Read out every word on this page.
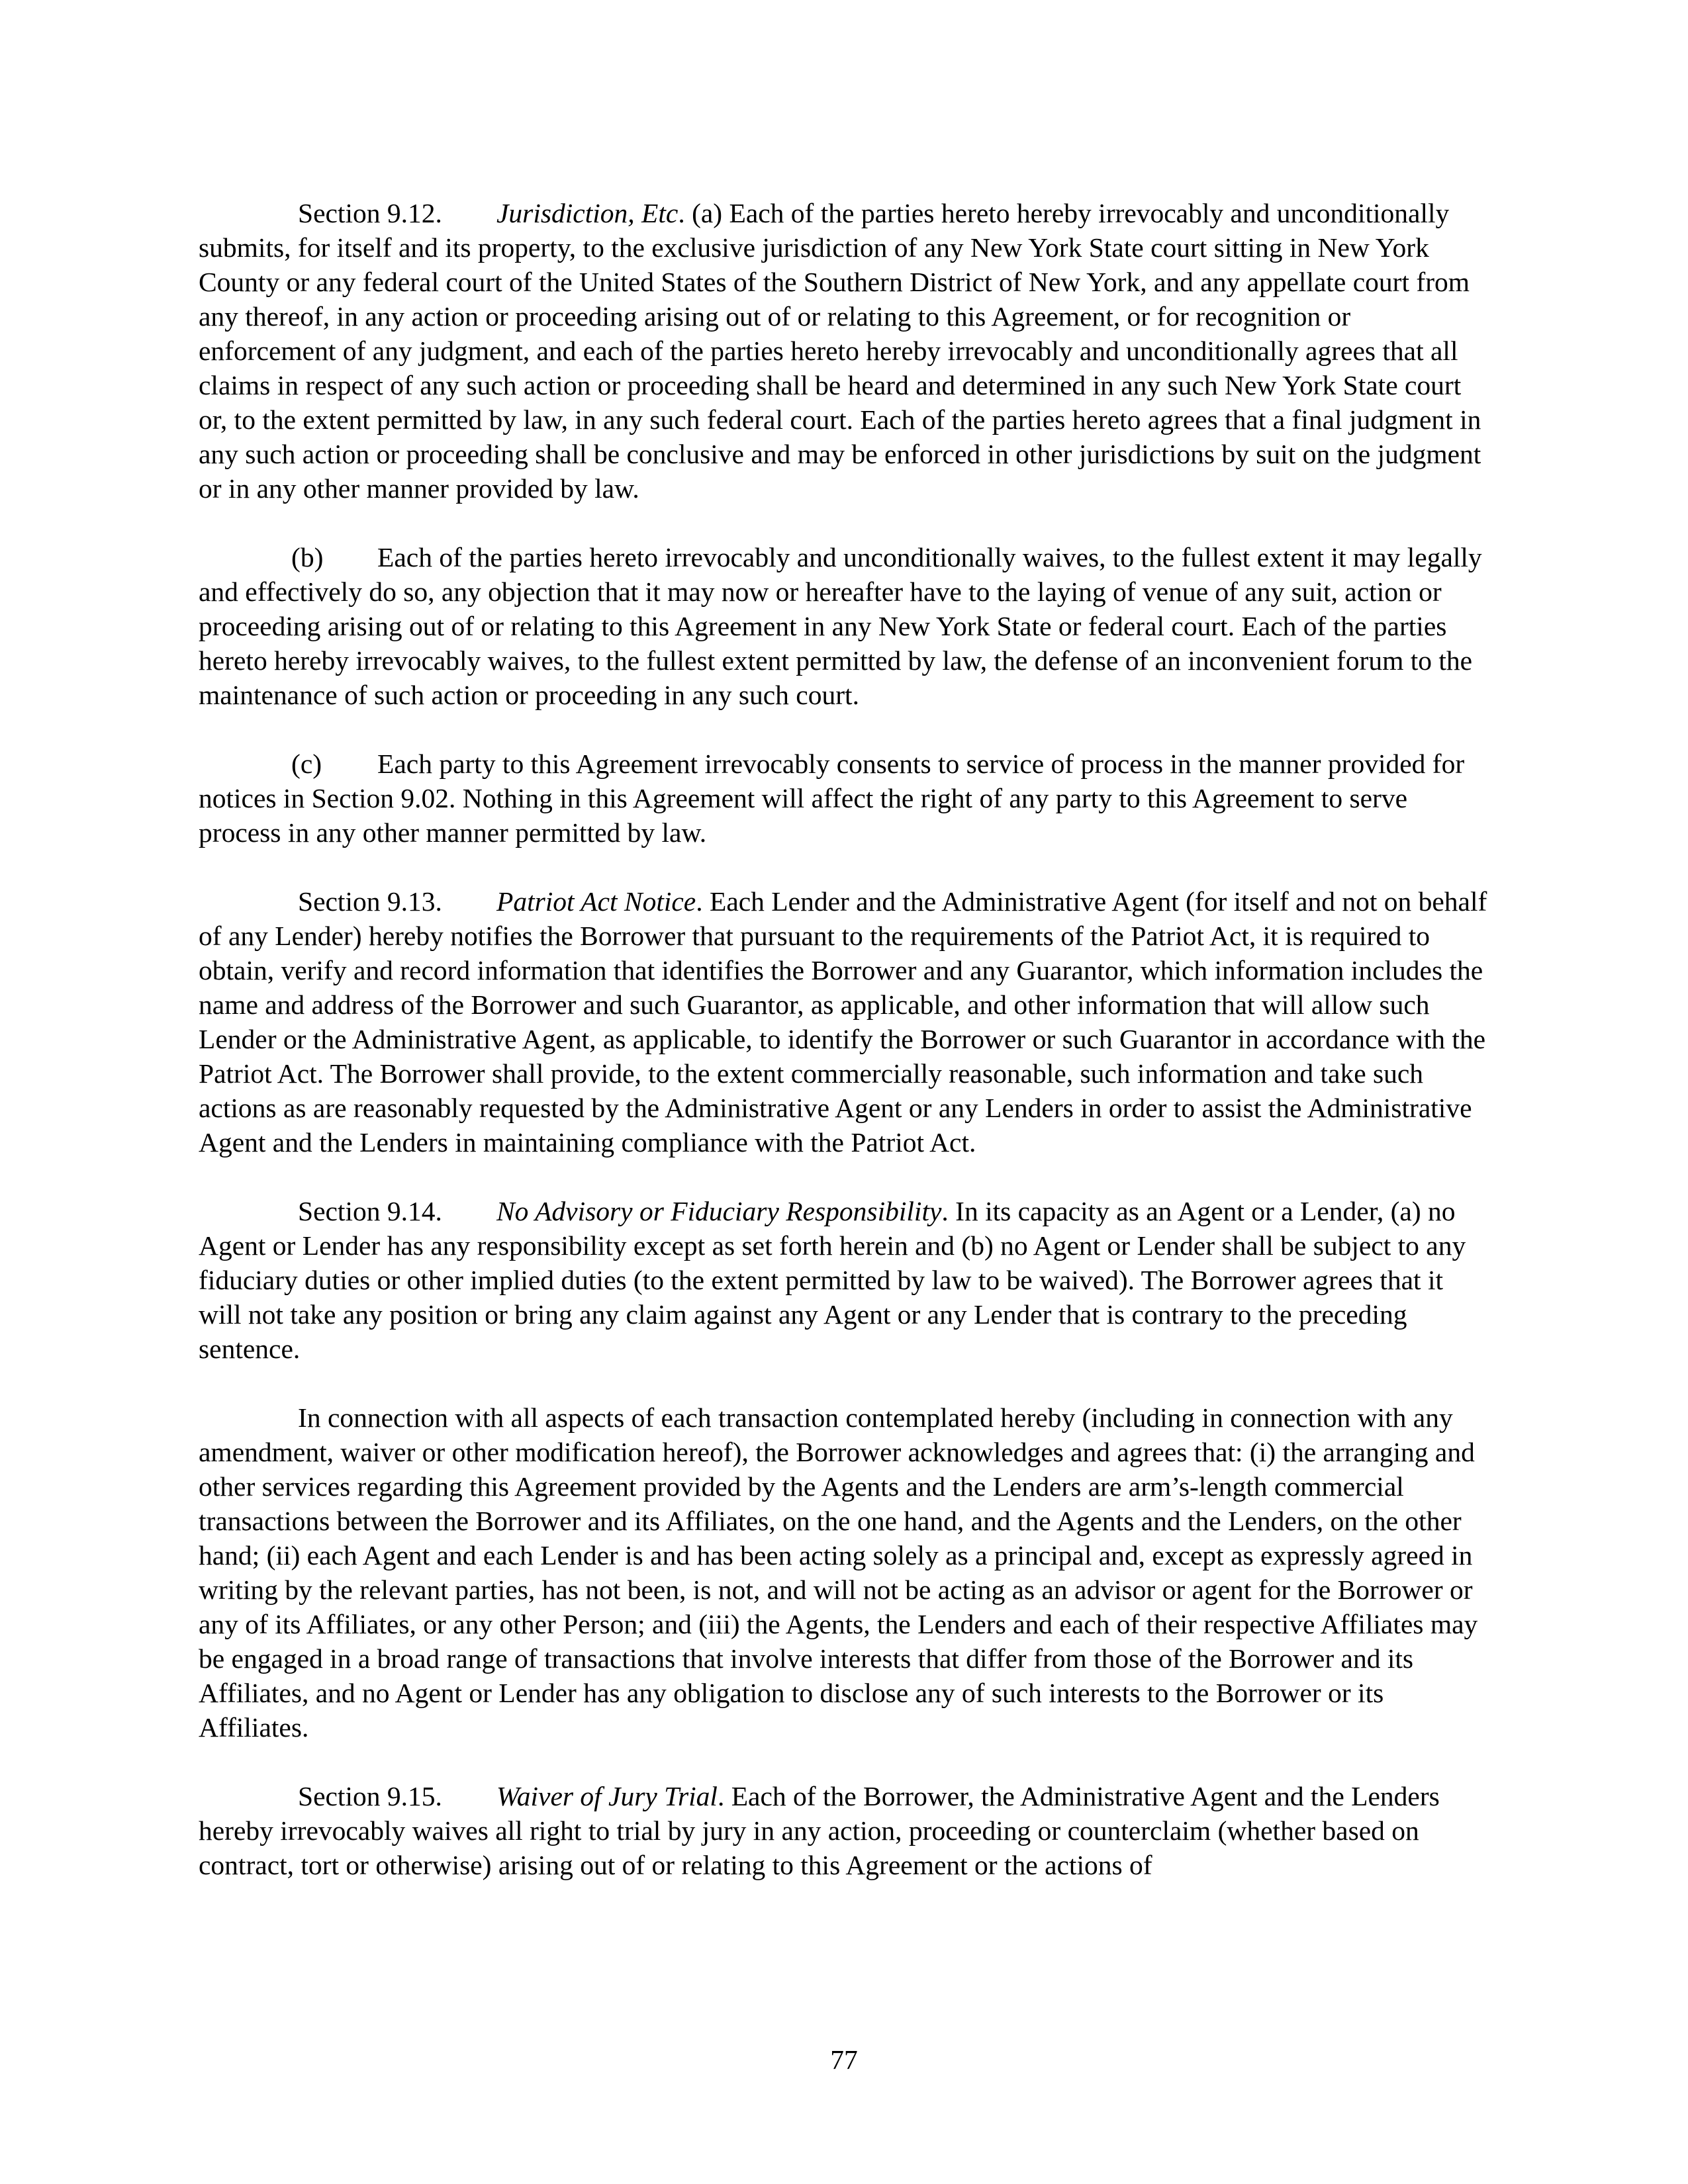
Section 9.12. Jurisdiction, Etc. (a) Each of the parties hereto hereby irrevocably and unconditionally submits, for itself and its property, to the exclusive jurisdiction of any New York State court sitting in New York County or any federal court of the United States of the Southern District of New York, and any appellate court from any thereof, in any action or proceeding arising out of or relating to this Agreement, or for recognition or enforcement of any judgment, and each of the parties hereto hereby irrevocably and unconditionally agrees that all claims in respect of any such action or proceeding shall be heard and determined in any such New York State court or, to the extent permitted by law, in any such federal court. Each of the parties hereto agrees that a final judgment in any such action or proceeding shall be conclusive and may be enforced in other jurisdictions by suit on the judgment or in any other manner provided by law.

(b) Each of the parties hereto irrevocably and unconditionally waives, to the fullest extent it may legally and effectively do so, any objection that it may now or hereafter have to the laying of venue of any suit, action or proceeding arising out of or relating to this Agreement in any New York State or federal court. Each of the parties hereto hereby irrevocably waives, to the fullest extent permitted by law, the defense of an inconvenient forum to the maintenance of such action or proceeding in any such court.

(c) Each party to this Agreement irrevocably consents to service of process in the manner provided for notices in Section 9.02. Nothing in this Agreement will affect the right of any party to this Agreement to serve process in any other manner permitted by law.

Section 9.13. Patriot Act Notice. Each Lender and the Administrative Agent (for itself and not on behalf of any Lender) hereby notifies the Borrower that pursuant to the requirements of the Patriot Act, it is required to obtain, verify and record information that identifies the Borrower and any Guarantor, which information includes the name and address of the Borrower and such Guarantor, as applicable, and other information that will allow such Lender or the Administrative Agent, as applicable, to identify the Borrower or such Guarantor in accordance with the Patriot Act. The Borrower shall provide, to the extent commercially reasonable, such information and take such actions as are reasonably requested by the Administrative Agent or any Lenders in order to assist the Administrative Agent and the Lenders in maintaining compliance with the Patriot Act.

Section 9.14. No Advisory or Fiduciary Responsibility. In its capacity as an Agent or a Lender, (a) no Agent or Lender has any responsibility except as set forth herein and (b) no Agent or Lender shall be subject to any fiduciary duties or other implied duties (to the extent permitted by law to be waived). The Borrower agrees that it will not take any position or bring any claim against any Agent or any Lender that is contrary to the preceding sentence.

In connection with all aspects of each transaction contemplated hereby (including in connection with any amendment, waiver or other modification hereof), the Borrower acknowledges and agrees that: (i) the arranging and other services regarding this Agreement provided by the Agents and the Lenders are arm’s-length commercial transactions between the Borrower and its Affiliates, on the one hand, and the Agents and the Lenders, on the other hand; (ii) each Agent and each Lender is and has been acting solely as a principal and, except as expressly agreed in writing by the relevant parties, has not been, is not, and will not be acting as an advisor or agent for the Borrower or any of its Affiliates, or any other Person; and (iii) the Agents, the Lenders and each of their respective Affiliates may be engaged in a broad range of transactions that involve interests that differ from those of the Borrower and its Affiliates, and no Agent or Lender has any obligation to disclose any of such interests to the Borrower or its Affiliates.

Section 9.15. Waiver of Jury Trial. Each of the Borrower, the Administrative Agent and the Lenders hereby irrevocably waives all right to trial by jury in any action, proceeding or counterclaim (whether based on contract, tort or otherwise) arising out of or relating to this Agreement or the actions of

77
